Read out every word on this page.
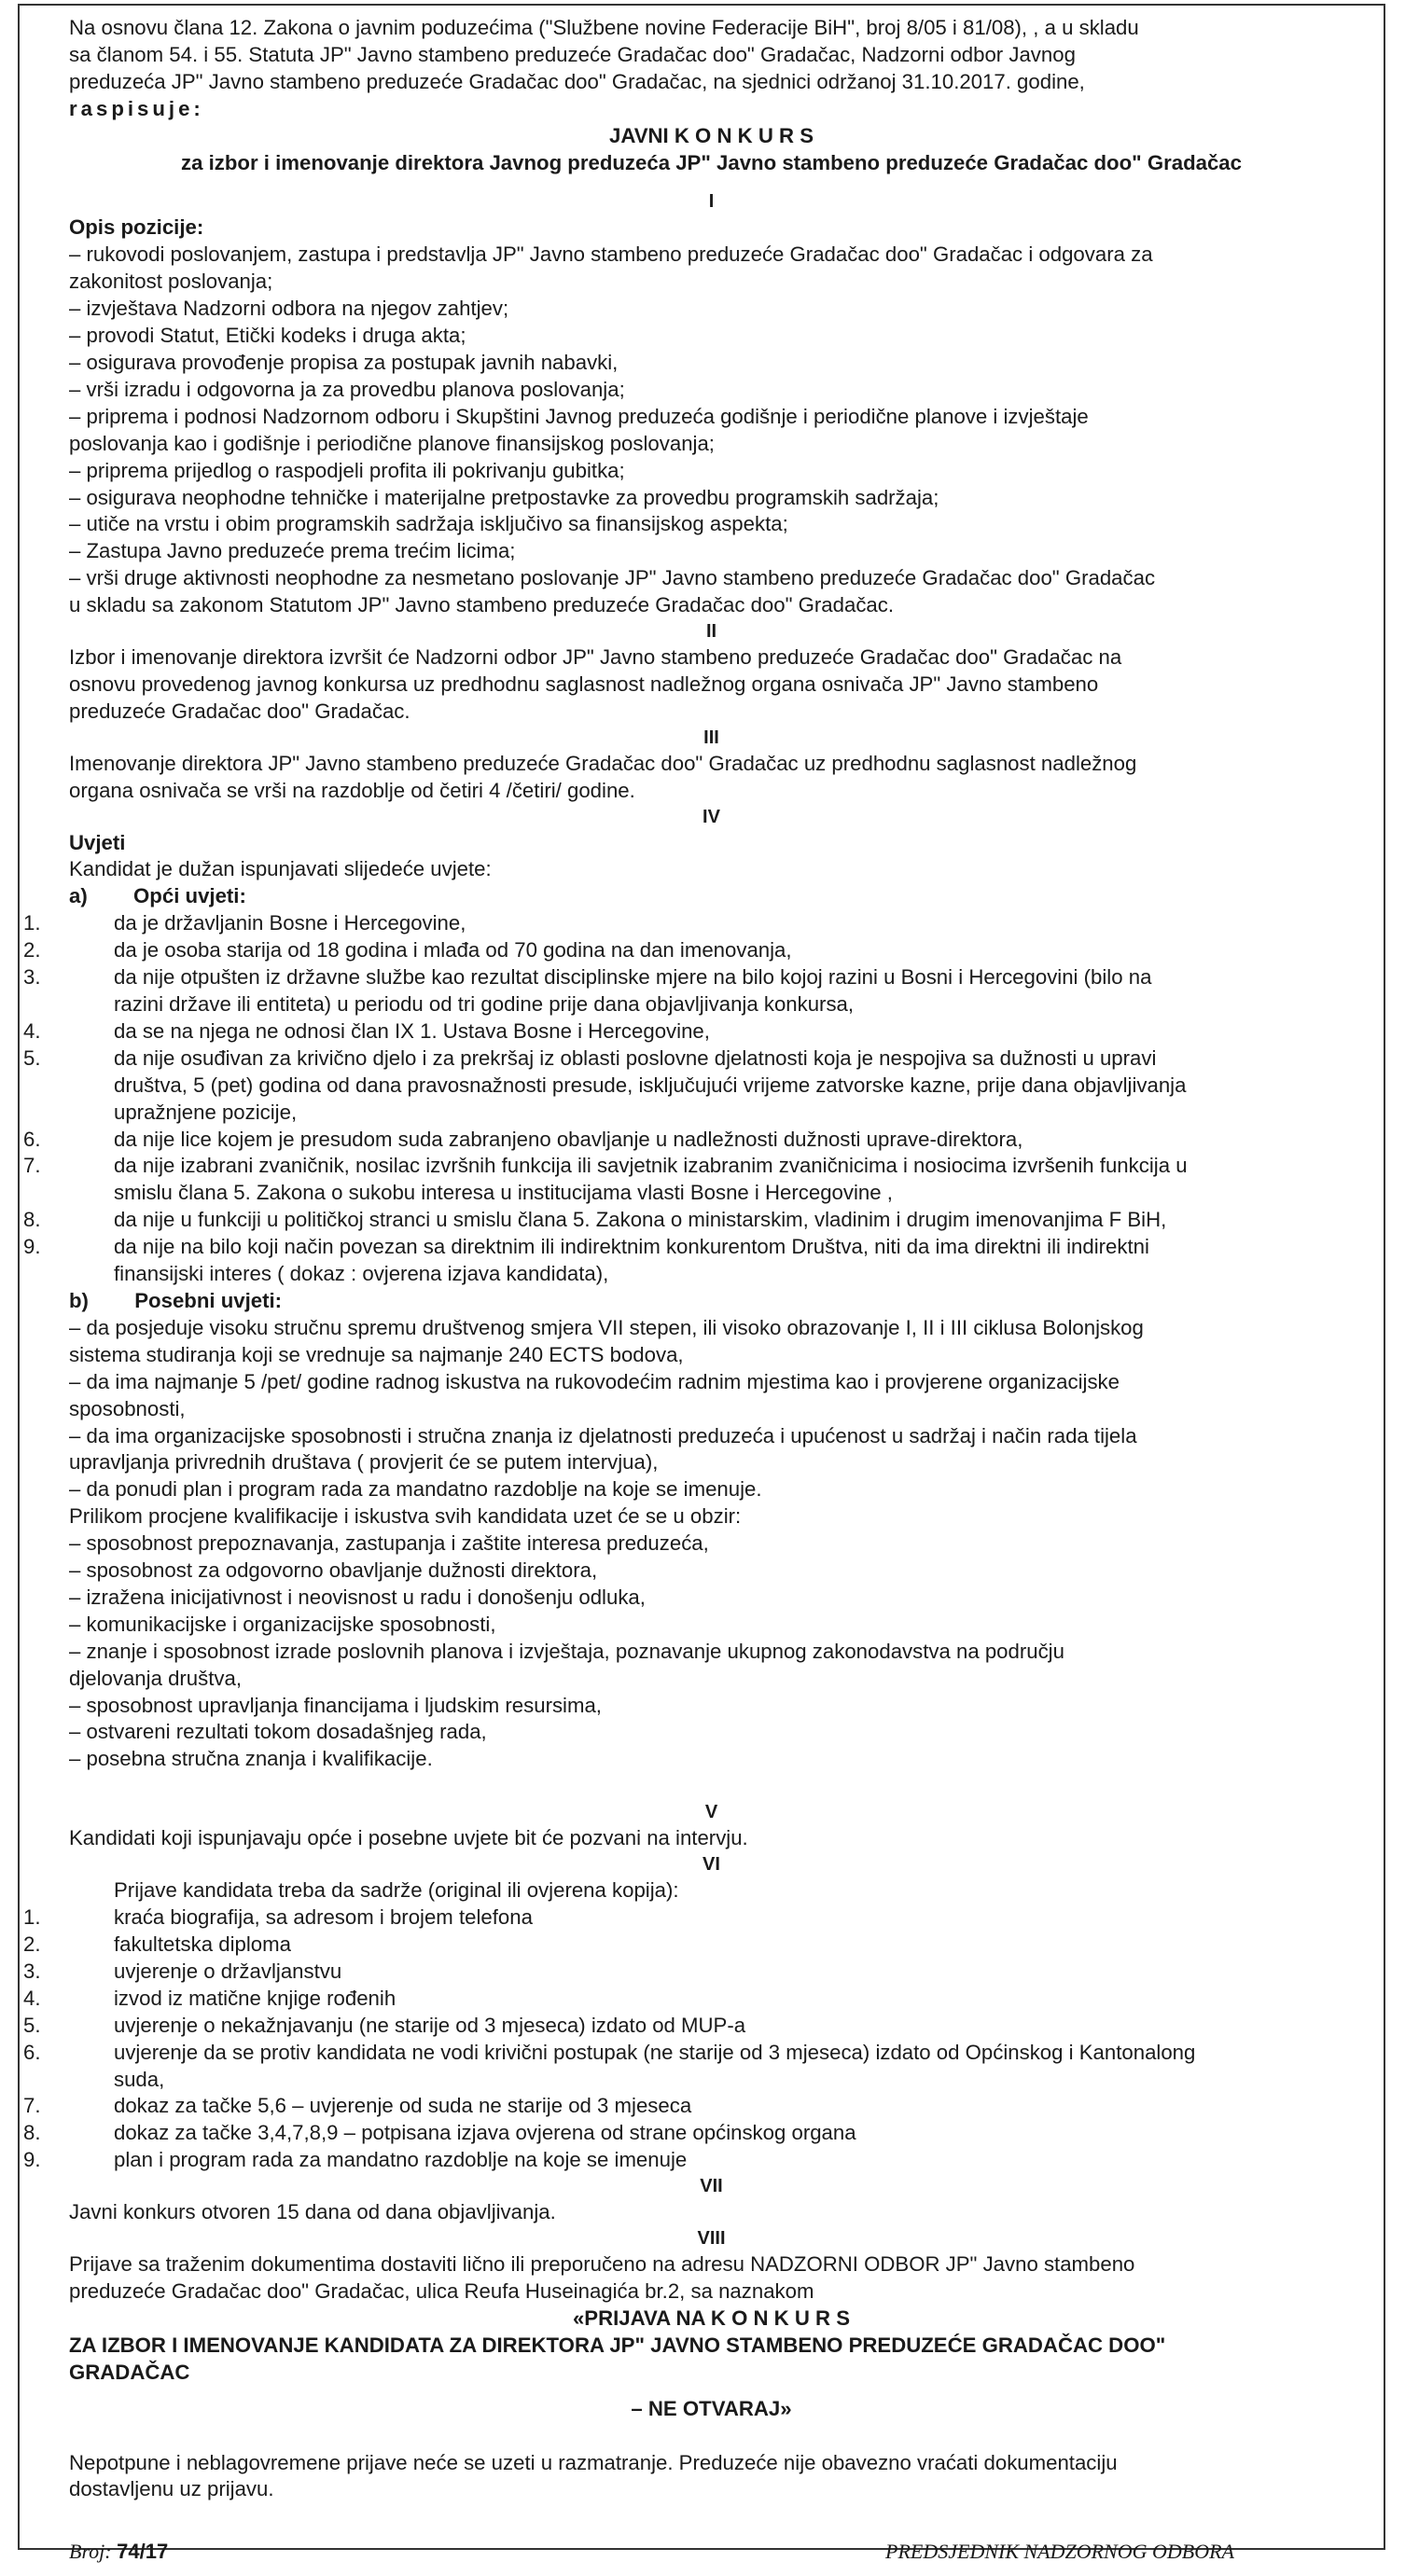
Na osnovu člana 12. Zakona o javnim poduzećima ("Službene novine Federacije BiH", broj 8/05 i 81/08), , a u skladu

sa članom 54. i 55. Statuta JP" Javno stambeno preduzeće Gradačac doo" Gradačac, Nadzorni odbor Javnog

preduzeća JP" Javno stambeno preduzeće Gradačac doo" Gradačac, na sjednici održanoj 31.10.2017. godine,

raspisuje:

JAVNI K O N K U R S

za izbor i imenovanje direktora Javnog preduzeća JP" Javno stambeno preduzeće Gradačac doo" Gradačac

I

Opis pozicije:

– rukovodi poslovanjem, zastupa i predstavlja JP" Javno stambeno preduzeće Gradačac doo" Gradačac i odgovara za

zakonitost poslovanja;

– izvještava Nadzorni odbora na njegov zahtjev;

– provodi Statut, Etički kodeks i druga akta;

– osigurava provođenje propisa za postupak javnih nabavki,

– vrši izradu i odgovorna ja za provedbu planova poslovanja;

– priprema i podnosi Nadzornom odboru i Skupštini Javnog preduzeća godišnje i periodične planove i izvještaje

poslovanja kao i godišnje i periodične planove finansijskog poslovanja;

– priprema prijedlog o raspodjeli profita ili pokrivanju gubitka;

– osigurava neophodne tehničke i materijalne pretpostavke za provedbu programskih sadržaja;

– utiče na vrstu i obim programskih sadržaja isključivo sa finansijskog aspekta;

– Zastupa Javno preduzeće prema trećim licima;

– vrši druge aktivnosti neophodne za nesmetano poslovanje JP" Javno stambeno preduzeće Gradačac doo" Gradačac

u skladu sa zakonom Statutom JP" Javno stambeno preduzeće Gradačac doo" Gradačac.

II

Izbor i imenovanje direktora izvršit će Nadzorni odbor JP" Javno stambeno preduzeće Gradačac doo" Gradačac na

osnovu provedenog javnog konkursa uz predhodnu saglasnost nadležnog organa osnivača JP" Javno stambeno

preduzeće Gradačac doo" Gradačac.

III

Imenovanje direktora JP" Javno stambeno preduzeće Gradačac doo" Gradačac uz predhodnu saglasnost nadležnog

organa osnivača se vrši na razdoblje od četiri 4 /četiri/ godine.

IV

Uvjeti

Kandidat je dužan ispunjavati slijedeće uvjete:

a)        Opći uvjeti:

1.	da je državljanin Bosne i Hercegovine,

2.	da je osoba starija od 18 godina i mlađa od 70 godina na dan imenovanja,

3.	da nije otpušten iz državne službe kao rezultat disciplinske mjere na bilo kojoj razini u Bosni i Hercegovini (bilo na

razini države ili entiteta) u periodu od tri godine prije dana objavljivanja konkursa,

4.	da se na njega ne odnosi član IX 1. Ustava Bosne i Hercegovine,

5.	da nije osuđivan za krivično djelo i za prekršaj iz oblasti poslovne djelatnosti koja je nespojiva sa dužnosti u upravi

društva, 5 (pet) godina od dana pravosnažnosti presude, isključujući vrijeme zatvorske kazne, prije dana objavljivanja

upražnjene pozicije,

6.	da nije lice kojem je presudom suda zabranjeno obavljanje u nadležnosti dužnosti uprave-direktora,

7.	da nije izabrani zvaničnik, nosilac izvršnih funkcija ili savjetnik izabranim zvaničnicima i nosiocima izvršenih funkcija u

smislu člana 5. Zakona o sukobu interesa u institucijama vlasti Bosne i Hercegovine ,

8.	da nije u funkciji u političkoj stranci u smislu člana 5. Zakona o ministarskim, vladinim i drugim imenovanjima F BiH,

9.	da nije na bilo koji način povezan sa direktnim ili indirektnim konkurentom Društva, niti da ima direktni ili indirektni

finansijski interes ( dokaz : ovjerena izjava kandidata),

b)        Posebni uvjeti:

– da posjeduje visoku stručnu spremu društvenog smjera VII stepen, ili visoko obrazovanje I, II i III ciklusa Bolonjskog

sistema studiranja koji se vrednuje sa najmanje 240 ECTS bodova,

– da ima najmanje 5 /pet/ godine radnog iskustva na rukovodećim radnim mjestima kao i provjerene organizacijske

sposobnosti,

– da ima organizacijske sposobnosti i stručna znanja iz djelatnosti preduzeća i upućenost u sadržaj i način rada tijela

upravljanja privrednih društava ( provjerit će se putem intervjua),

– da ponudi plan i program rada za mandatno razdoblje na koje se imenuje.

Prilikom procjene kvalifikacije i iskustva svih kandidata uzet će se u obzir:

– sposobnost prepoznavanja, zastupanja i zaštite interesa preduzeća,

– sposobnost za odgovorno obavljanje dužnosti direktora,

– izražena inicijativnost i neovisnost u radu i donošenju odluka,

– komunikacijske i organizacijske sposobnosti,

– znanje i sposobnost izrade poslovnih planova i izvještaja, poznavanje ukupnog zakonodavstva na području

djelovanja društva,

– sposobnost upravljanja financijama i ljudskim resursima,

– ostvareni rezultati tokom dosadašnjeg rada,

– posebna stručna znanja i kvalifikacije.

V

Kandidati koji ispunjavaju opće i posebne uvjete bit će pozvani na intervju.

VI

Prijave kandidata treba da sadrže (original ili ovjerena kopija):

1.	kraća biografija, sa adresom i brojem telefona

2.	fakultetska diploma

3.	uvjerenje o državljanstvu

4.	izvod iz matične knjige rođenih

5.	uvjerenje o nekažnjavanju (ne starije od 3 mjeseca) izdato od MUP-a

6.	uvjerenje da se protiv kandidata ne vodi krivični postupak (ne starije od 3 mjeseca) izdato od Općinskog i Kantonalong

suda,

7.	dokaz za tačke 5,6 – uvjerenje od suda ne starije od 3 mjeseca

8.	dokaz za tačke 3,4,7,8,9 – potpisana izjava ovjerena od strane općinskog organa

9.	plan i program rada za mandatno razdoblje na koje se imenuje

VII

Javni konkurs otvoren 15 dana od dana objavljivanja.

VIII

Prijave sa traženim dokumentima dostaviti lično ili preporučeno na adresu NADZORNI ODBOR JP" Javno stambeno

preduzeće Gradačac doo" Gradačac, ulica Reufa Huseinagića br.2, sa naznakom

«PRIJAVA NA K O N K U R S

ZA IZBOR I IMENOVANJE KANDIDATA ZA DIREKTORA JP" JAVNO STAMBENO PREDUZEĆE GRADAČAC DOO"

GRADAČAC

– NE OTVARAJ»

Nepotpune i neblagovremene prijave neće se uzeti u razmatranje. Preduzeće nije obavezno vraćati dokumentaciju

dostavljenu uz prijavu.

Broj: 74/17	PREDSJEDNIK NADZORNOG ODBORA
